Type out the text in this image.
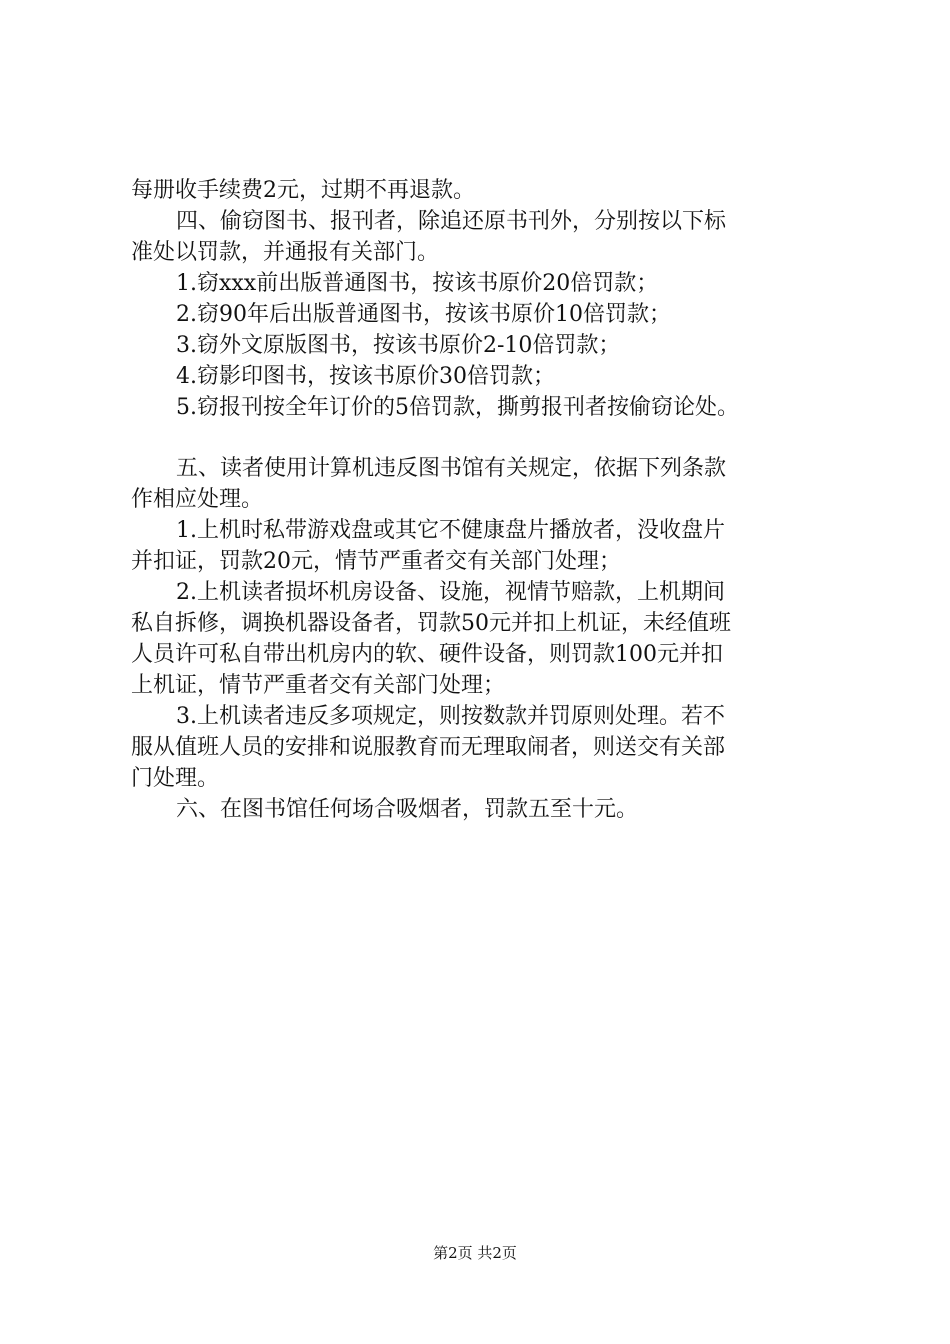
每册收手续费2元，过期不再退款。
四、偷窃图书、报刊者，除追还原书刊外，分别按以下标
准处以罚款，并通报有关部门。
1.窃xxx前出版普通图书，按该书原价20倍罚款；
2.窃90年后出版普通图书，按该书原价10倍罚款；
3.窃外文原版图书，按该书原价2-10倍罚款；
4.窃影印图书，按该书原价30倍罚款；
5.窃报刊按全年订价的5倍罚款，撕剪报刊者按偷窃论处。
五、读者使用计算机违反图书馆有关规定，依据下列条款
作相应处理。
1.上机时私带游戏盘或其它不健康盘片播放者，没收盘片
并扣证，罚款20元，情节严重者交有关部门处理；
2.上机读者损坏机房设备、设施，视情节赔款，上机期间
私自拆修，调换机器设备者，罚款50元并扣上机证，未经值班
人员许可私自带出机房内的软、硬件设备，则罚款100元并扣
上机证，情节严重者交有关部门处理；
3.上机读者违反多项规定，则按数款并罚原则处理。若不
服从值班人员的安排和说服教育而无理取闹者，则送交有关部
门处理。
六、在图书馆任何场合吸烟者，罚款五至十元。
第2页 共2页
